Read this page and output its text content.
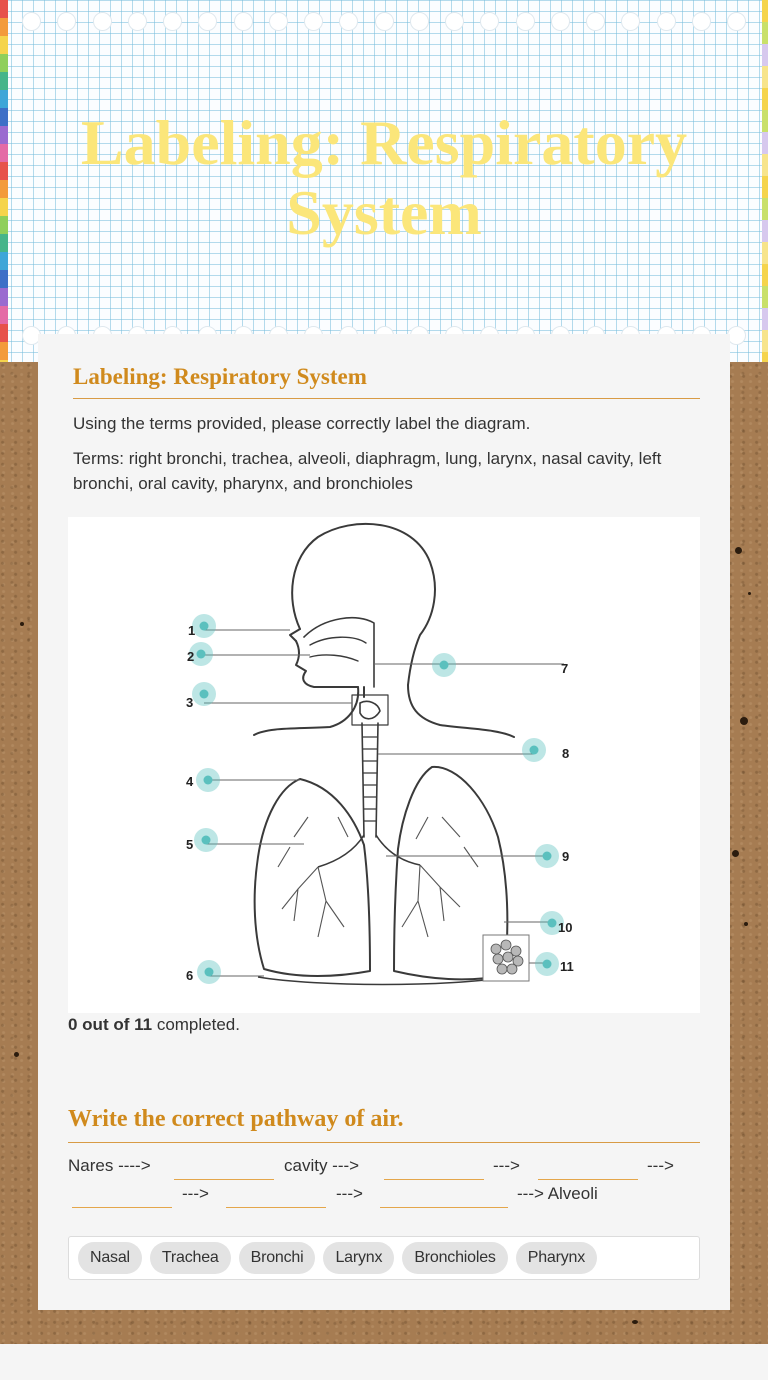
Labeling: Respiratory System
Labeling: Respiratory System

Using the terms provided, please correctly label the diagram.

Terms: right bronchi, trachea, alveoli, diaphragm, lung, larynx, nasal cavity, left bronchi, oral cavity, pharynx, and bronchioles

1
2
3
4
5
6
7
8
9
10
11
0 out of 11 completed.
Write the correct pathway of air.
Nares ---->	cavity --->	--->	--->
--->	--->	---> Alveoli
Nasal	Trachea	Bronchi	Larynx	Bronchioles	Pharynx
